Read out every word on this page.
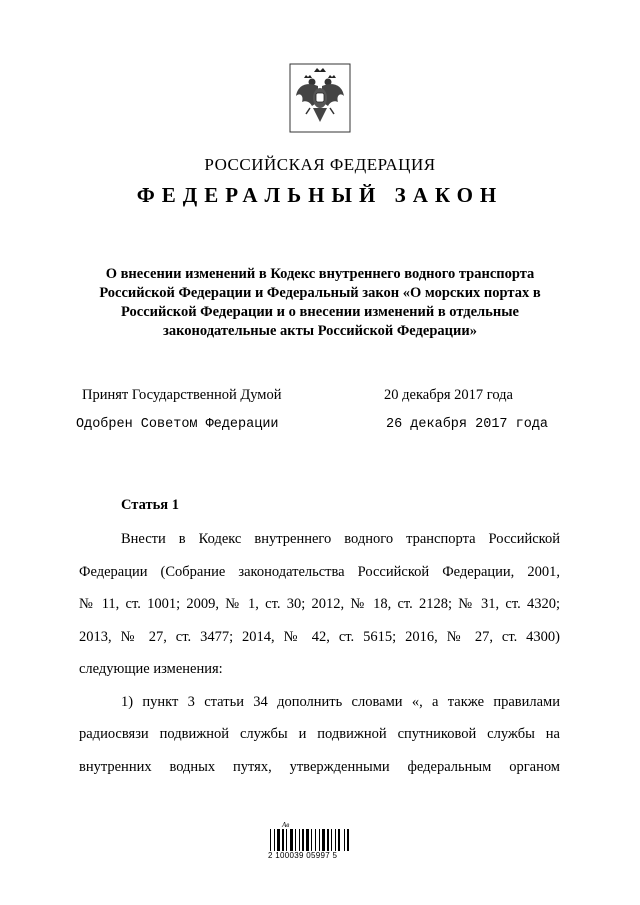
РОССИЙСКАЯ ФЕДЕРАЦИЯ
ФЕДЕРАЛЬНЫЙ ЗАКОН
О внесении изменений в Кодекс внутреннего водного транспорта
Российской Федерации и Федеральный закон «О морских портах в
Российской Федерации и о внесении изменений в отдельные
законодательные акты Российской Федерации»
Принят Государственной Думой	20 декабря 2017 года
Одобрен Советом Федерации	26 декабря 2017 года
Статья 1
Внести в Кодекс внутреннего водного транспорта Российской
Федерации (Собрание законодательства Российской Федерации, 2001,
№ 11, ст. 1001; 2009, № 1, ст. 30; 2012, № 18, ст. 2128; № 31, ст. 4320;
2013, № 27, ст. 3477; 2014, № 42, ст. 5615; 2016, № 27, ст. 4300)
следующие изменения:
1) пункт 3 статьи 34 дополнить словами «, а также правилами
радиосвязи подвижной службы и подвижной спутниковой службы на
внутренних водных путях, утвержденными федеральным органом
Ав
2 100039 05997 5
